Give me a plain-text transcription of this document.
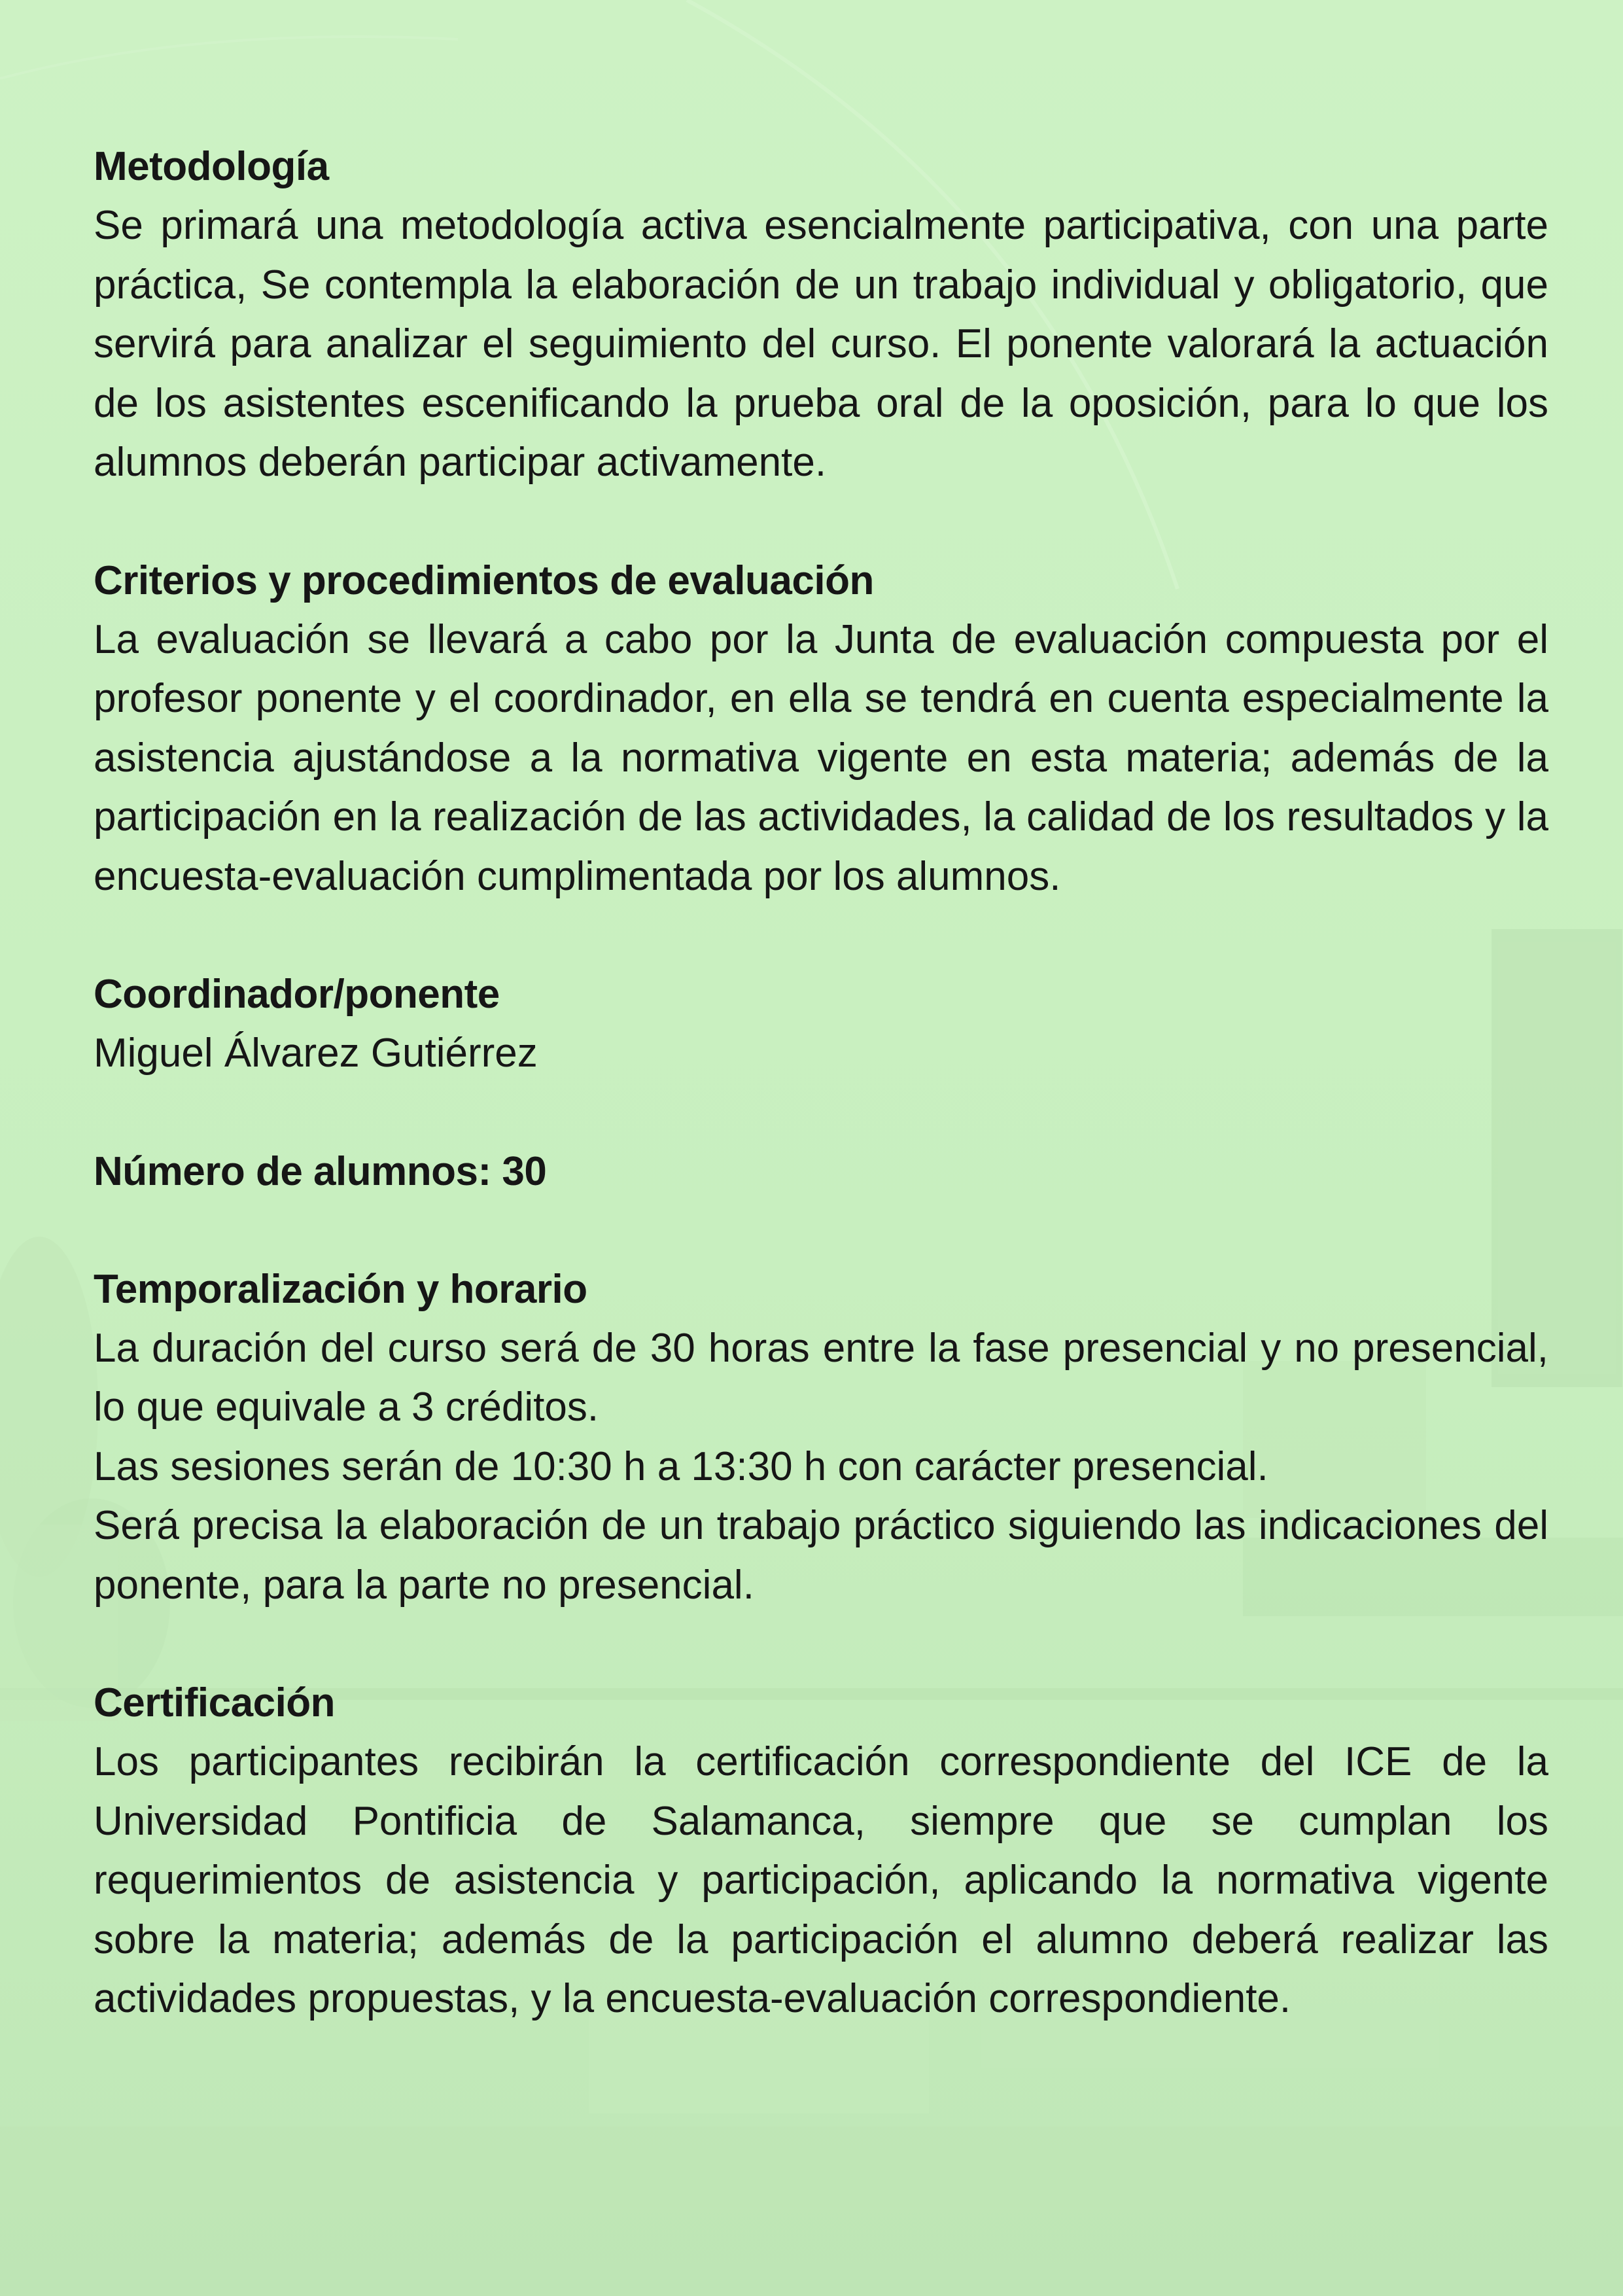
Metodología

Se primará una metodología activa esencialmente participativa, con una parte práctica, Se contempla la elaboración de un trabajo individual y obligatorio, que servirá para analizar el seguimiento del curso. El ponente valorará la actuación de los asistentes escenificando la prueba oral de la oposición, para lo que los alumnos deberán participar activamente.

Criterios y procedimientos de evaluación

La evaluación se llevará a cabo por la Junta de evaluación compuesta por el profesor ponente y el coordinador, en ella se tendrá en cuenta especialmente la asistencia ajustándose a la normativa vigente en esta materia; además de la participación en la realización de las actividades, la calidad de los resultados y la encuesta-evaluación cumplimentada por los alumnos.

Coordinador/ponente

Miguel Álvarez Gutiérrez

Número de alumnos: 30

Temporalización y horario

La duración del curso será de 30 horas entre la fase presencial y no presencial, lo que equivale a 3 créditos.

Las sesiones serán de 10:30 h a 13:30 h con carácter presencial.

Será precisa la elaboración de un trabajo práctico siguiendo las indicaciones del ponente, para la parte no presencial.

Certificación

Los participantes recibirán la certificación correspondiente del ICE de la Universidad Pontificia de Salamanca, siempre que se cumplan los requerimientos de asistencia y participación, aplicando la normativa vigente sobre la materia; además de la participación el alumno deberá realizar las actividades propuestas, y la encuesta-evaluación correspondiente.
